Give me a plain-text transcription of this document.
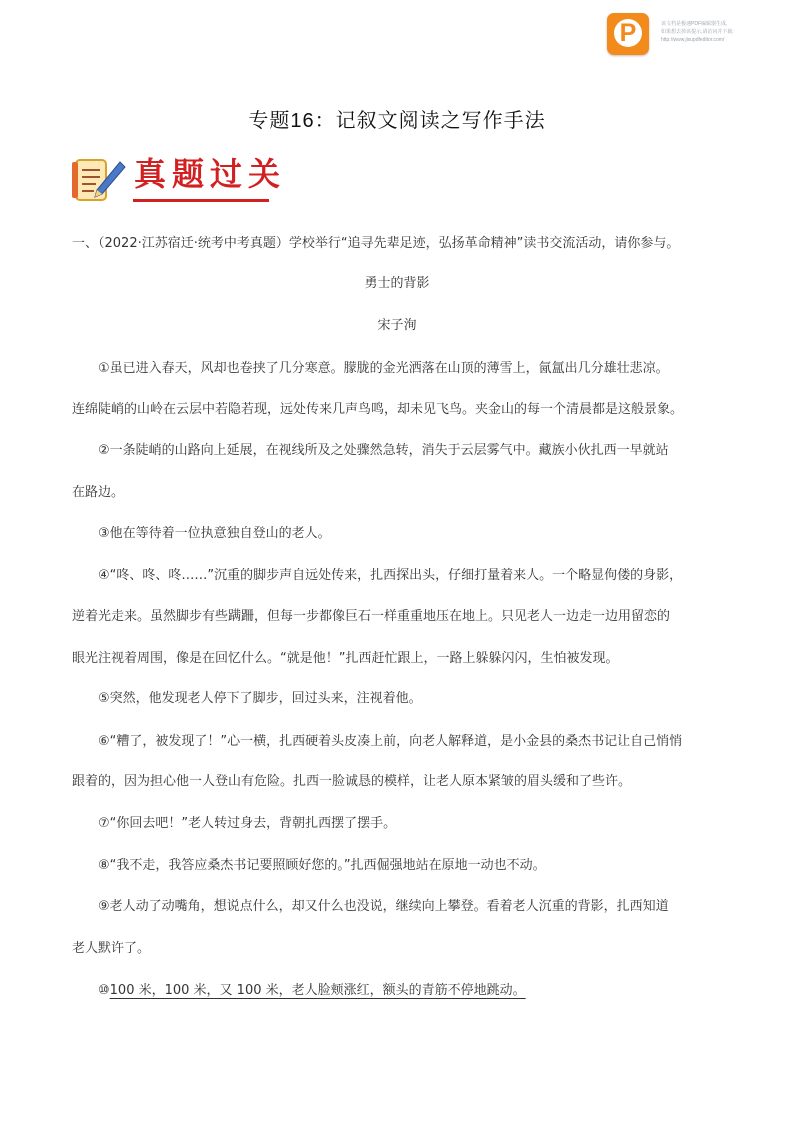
P	该文档是极速PDF编辑器生成,
如果想去掉该提示,请访问并下载:
http://www.jisupdfeditor.com/
专题16：记叙文阅读之写作手法
真题过关
一、（2022·江苏宿迁·统考中考真题）学校举行“追寻先辈足迹，弘扬革命精神”读书交流活动，请你参与。
勇士的背影
宋子洵
①虽已进入春天，风却也卷挟了几分寒意。朦胧的金光洒落在山顶的薄雪上，氤氲出几分雄壮悲凉。
连绵陡峭的山岭在云层中若隐若现，远处传来几声鸟鸣，却未见飞鸟。夹金山的每一个清晨都是这般景象。
②一条陡峭的山路向上延展，在视线所及之处骤然急转，消失于云层雾气中。藏族小伙扎西一早就站
在路边。
③他在等待着一位执意独自登山的老人。
④“咚、咚、咚……”沉重的脚步声自远处传来，扎西探出头，仔细打量着来人。一个略显佝偻的身影，
逆着光走来。虽然脚步有些蹒跚，但每一步都像巨石一样重重地压在地上。只见老人一边走一边用留恋的
眼光注视着周围，像是在回忆什么。“就是他！”扎西赶忙跟上，一路上躲躲闪闪，生怕被发现。
⑤突然，他发现老人停下了脚步，回过头来，注视着他。
⑥“糟了，被发现了！”心一横，扎西硬着头皮凑上前，向老人解释道，是小金县的桑杰书记让自己悄悄
跟着的，因为担心他一人登山有危险。扎西一脸诚恳的模样，让老人原本紧皱的眉头缓和了些许。
⑦“你回去吧！”老人转过身去，背朝扎西摆了摆手。
⑧“我不走，我答应桑杰书记要照顾好您的。”扎西倔强地站在原地一动也不动。
⑨老人动了动嘴角，想说点什么，却又什么也没说，继续向上攀登。看着老人沉重的背影，扎西知道
老人默许了。
⑩100 米，100 米，又 100 米，老人脸颊涨红，额头的青筋不停地跳动。
